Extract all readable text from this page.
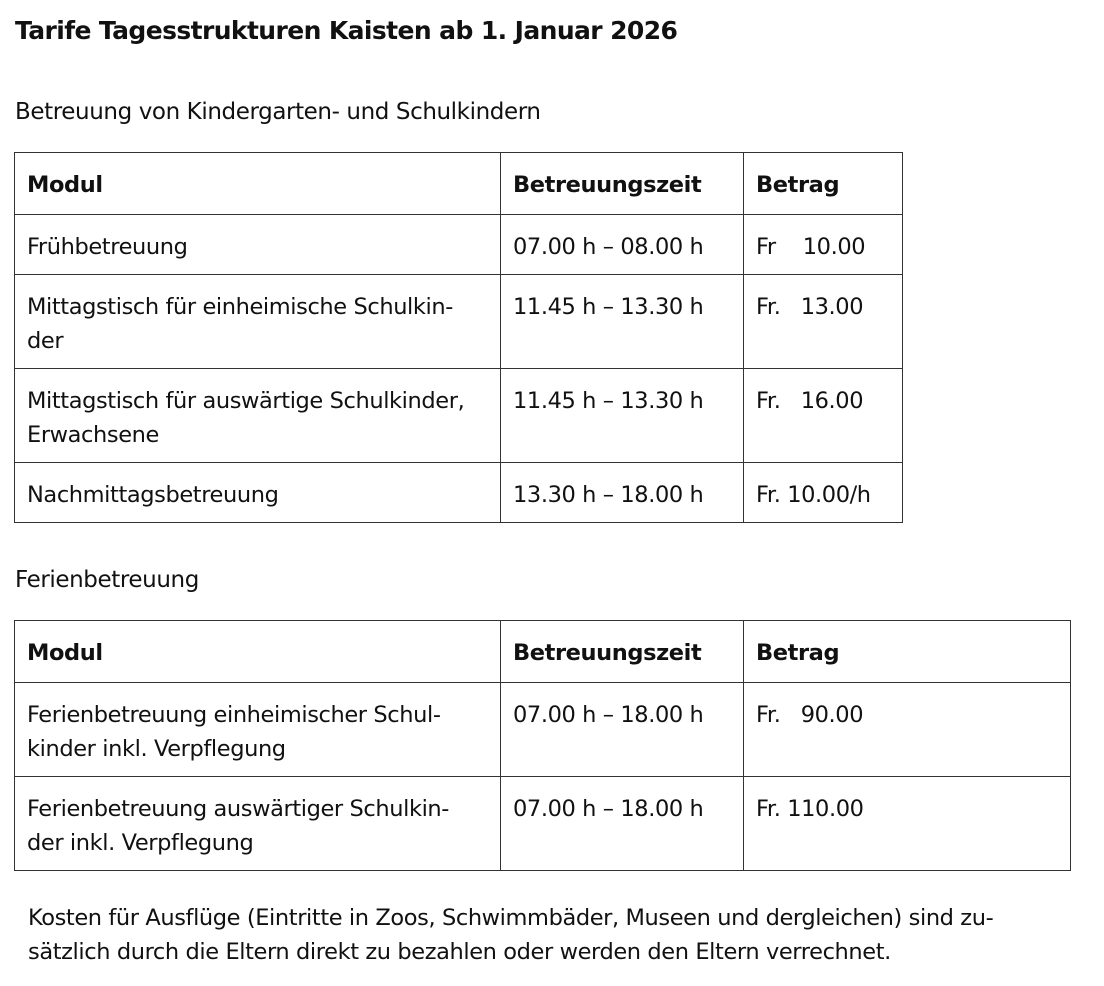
Tarife Tagesstrukturen Kaisten ab 1. Januar 2026
Betreuung von Kindergarten- und Schulkindern
Modul	Betreuungszeit	Betrag
Frühbetreuung	07.00 h – 08.00 h	Fr    10.00
Mittagstisch für einheimische Schulkin-
der	11.45 h – 13.30 h	Fr.   13.00
Mittagstisch für auswärtige Schulkinder,
Erwachsene	11.45 h – 13.30 h	Fr.   16.00
Nachmittagsbetreuung	13.30 h – 18.00 h	Fr. 10.00/h
Ferienbetreuung
Modul	Betreuungszeit	Betrag
Ferienbetreuung einheimischer Schul-
kinder inkl. Verpflegung	07.00 h – 18.00 h	Fr.   90.00
Ferienbetreuung auswärtiger Schulkin-
der inkl. Verpflegung	07.00 h – 18.00 h	Fr. 110.00
Kosten für Ausflüge (Eintritte in Zoos, Schwimmbäder, Museen und dergleichen) sind zu-
sätzlich durch die Eltern direkt zu bezahlen oder werden den Eltern verrechnet.
